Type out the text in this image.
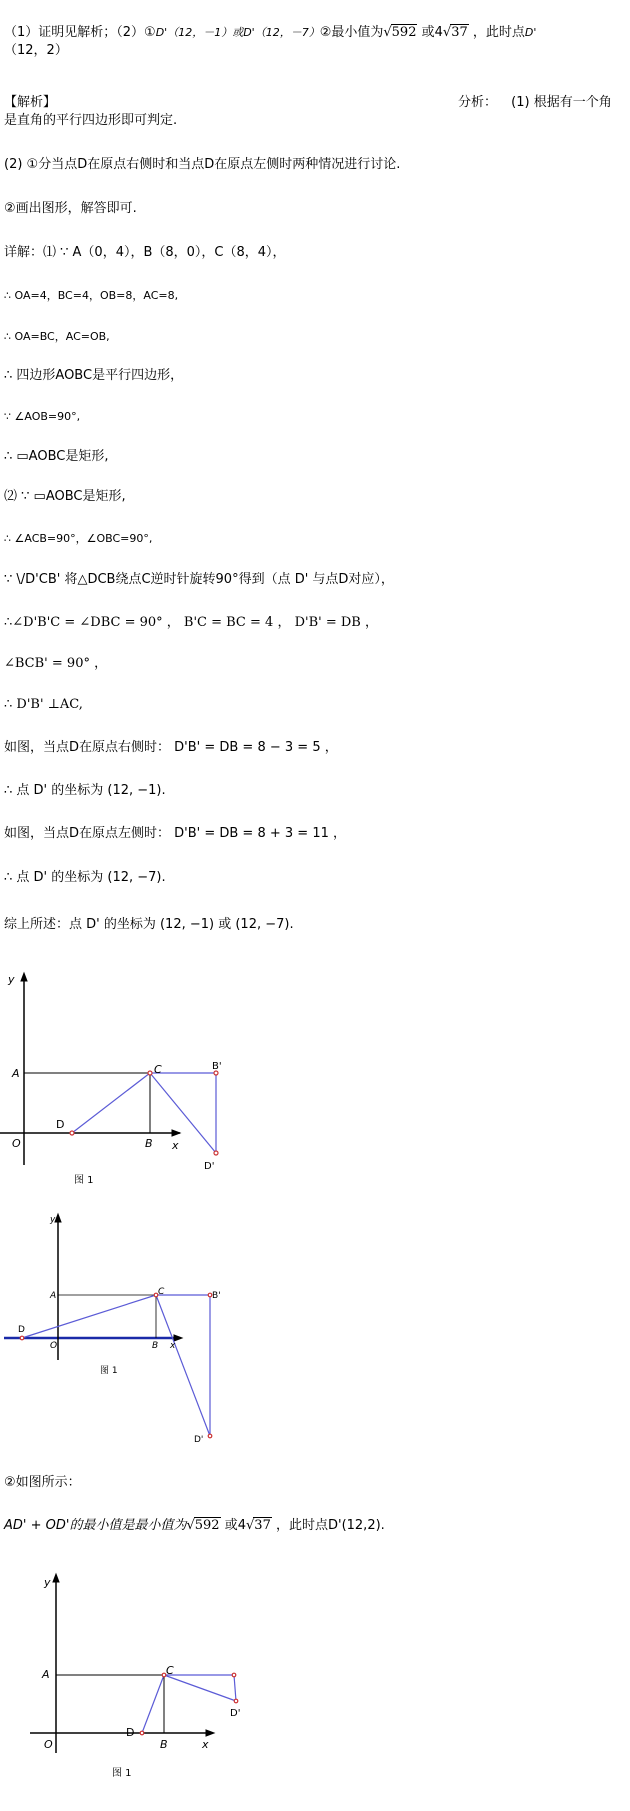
（1）证明见解析；（2）①D'（12，－1）或D'（12，－7）②最小值为√592 或4√37 ，此时点D'
（12，2）
【解析】	分析： (1) 根据有一个角
是直角的平行四边形即可判定.
(2) ①分当点D在原点右侧时和当点D在原点左侧时两种情况进行讨论.
②画出图形，解答即可.
详解：⑴ ∵ A（0，4），B（8，0），C（8，4），
∴ OA=4，BC=4，OB=8，AC=8,
∴ OA=BC，AC=OB,
∴ 四边形AOBC是平行四边形，
∵ ∠AOB=90°,
∴ ▭AOBC是矩形,
⑵ ∵ ▭AOBC是矩形,
∴ ∠ACB=90°，∠OBC=90°,
∵ \/D'CB' 将△DCB绕点C逆时针旋转90°得到（点 D' 与点D对应），
∴∠D'B'C = ∠DBC = 90° ， B'C = BC = 4 ， D'B' = DB ，
∠BCB' = 90° ，
∴ D'B' ⊥AC,
如图，当点D在原点右侧时： D'B' = DB = 8 − 3 = 5 ，
∴ 点 D' 的坐标为 (12, −1).
如图，当点D在原点左侧时： D'B' = DB = 8 + 3 = 11 ，
∴ 点 D' 的坐标为 (12, −7).
综上所述：点 D' 的坐标为 (12, −1) 或 (12, −7).
y
x
A
O
C
B
D
B'
D'
图 1
y
x
A
O
C
B
D
B'
D'
图 1
②如图所示：
AD' + OD'的最小值是最小值为√592 或4√37 ，此时点D'(12,2).
y
x
A
O
C
B
D
D'
图 1
